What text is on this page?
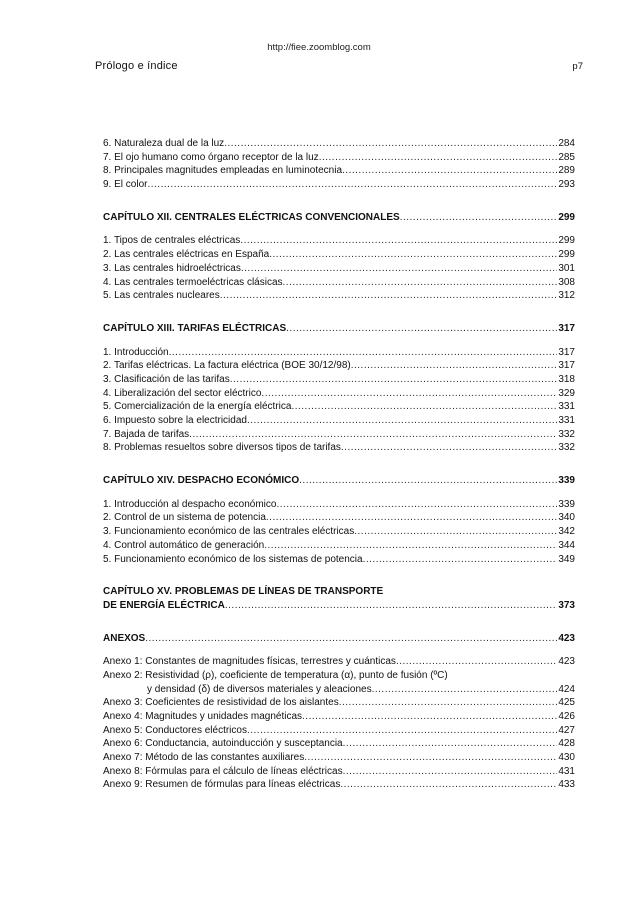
http://fiee.zoomblog.com
Prólogo e índice	p7
6. Naturaleza dual de la luz .....	284
7. El ojo humano como órgano receptor de la luz .....	285
8. Principales magnitudes empleadas en luminotecnia .....	289
9. El color .....	293
CAPÍTULO XII. CENTRALES ELÉCTRICAS CONVENCIONALES .....	299
1. Tipos de centrales eléctricas .....	299
2. Las centrales eléctricas en España .....	299
3. Las centrales hidroeléctricas .....	301
4. Las centrales termoeléctricas clásicas .....	308
5. Las centrales nucleares .....	312
CAPÍTULO XIII. TARIFAS ELÉCTRICAS .....	317
1. Introducción .....	317
2. Tarifas eléctricas. La factura eléctrica (BOE 30/12/98) .....	317
3. Clasificación de las tarifas .....	318
4. Liberalización del sector eléctrico .....	329
5. Comercialización de la energía eléctrica .....	331
6. Impuesto sobre la electricidad .....	331
7. Bajada de tarifas .....	332
8. Problemas resueltos sobre diversos tipos de tarifas .....	332
CAPÍTULO XIV. DESPACHO ECONÓMICO .....	339
1. Introducción al despacho económico .....	339
2. Control de un sistema de potencia .....	340
3. Funcionamiento económico de las centrales eléctricas .....	342
4. Control automático de generación .....	344
5. Funcionamiento económico de los sistemas de potencia .....	349
CAPÍTULO XV. PROBLEMAS DE LÍNEAS DE TRANSPORTE
DE ENERGÍA ELÉCTRICA .....	373
ANEXOS .....	423
Anexo 1: Constantes de magnitudes físicas, terrestres y cuánticas .....	423
Anexo 2: Resistividad (ρ), coeficiente de temperatura (α), punto de fusión (ºC)
y densidad (δ) de diversos materiales y aleaciones .....	424
Anexo 3: Coeficientes de resistividad de los aislantes .....	425
Anexo 4: Magnitudes y unidades magnéticas .....	426
Anexo 5: Conductores eléctricos .....	427
Anexo 6: Conductancia, autoinducción y susceptancia .....	428
Anexo 7: Método de las constantes auxiliares .....	430
Anexo 8: Fórmulas para el cálculo de líneas eléctricas .....	431
Anexo 9: Resumen de fórmulas para líneas eléctricas .....	433
